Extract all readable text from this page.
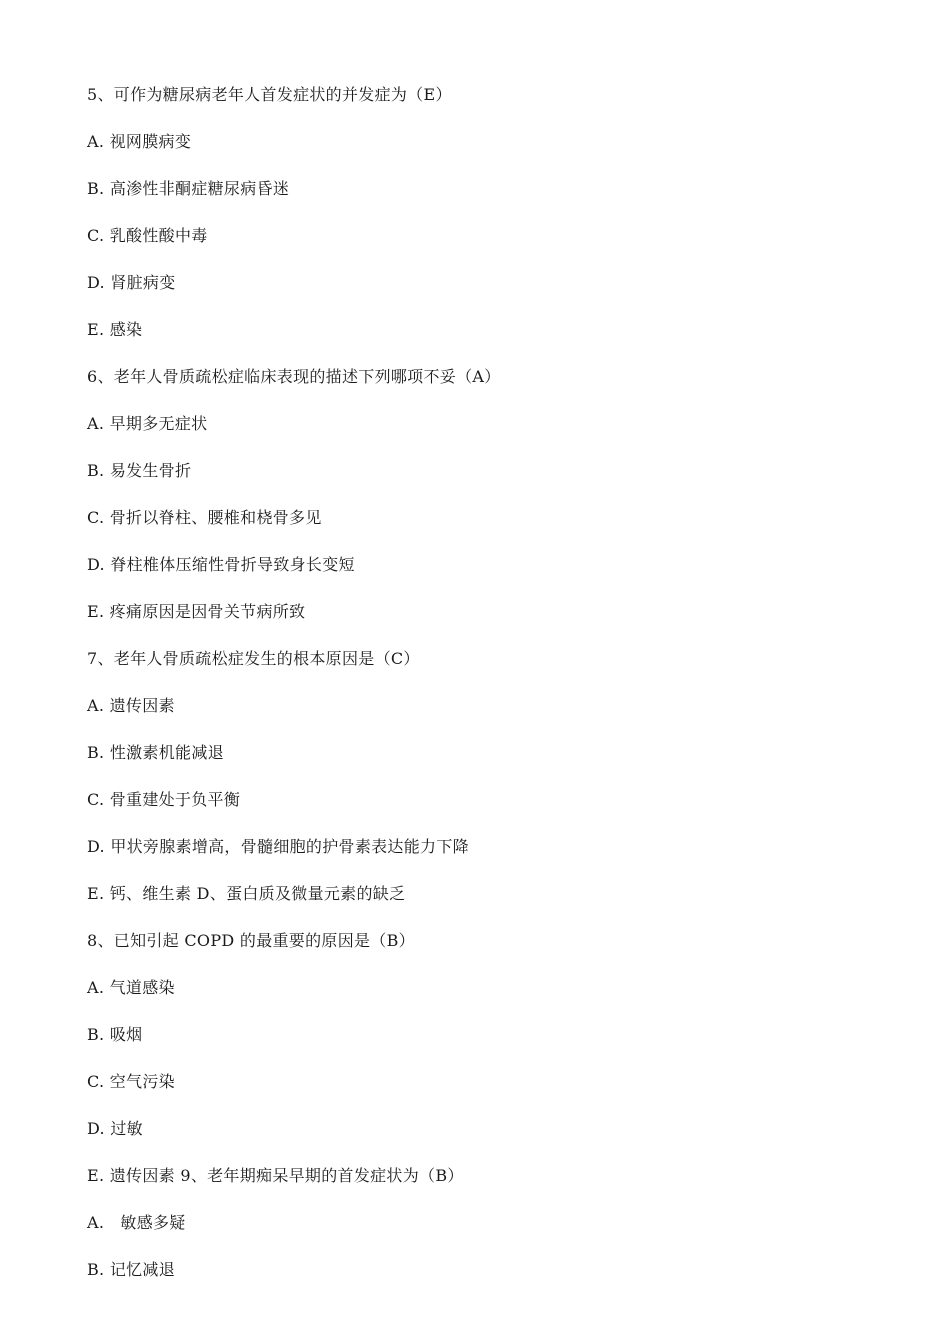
5、可作为糖尿病老年人首发症状的并发症为（E）
A. 视网膜病变
B. 高渗性非酮症糖尿病昏迷
C. 乳酸性酸中毒
D. 肾脏病变
E. 感染
6、老年人骨质疏松症临床表现的描述下列哪项不妥（A）
A. 早期多无症状
B. 易发生骨折
C. 骨折以脊柱、腰椎和桡骨多见
D. 脊柱椎体压缩性骨折导致身长变短
E. 疼痛原因是因骨关节病所致
7、老年人骨质疏松症发生的根本原因是（C）
A. 遗传因素
B. 性激素机能减退
C. 骨重建处于负平衡
D. 甲状旁腺素增高，骨髓细胞的护骨素表达能力下降
E. 钙、维生素 D、蛋白质及微量元素的缺乏
8、已知引起 COPD 的最重要的原因是（B）
A. 气道感染
B. 吸烟
C. 空气污染
D. 过敏
E. 遗传因素 9、老年期痴呆早期的首发症状为（B）
A.   敏感多疑
B. 记忆减退
